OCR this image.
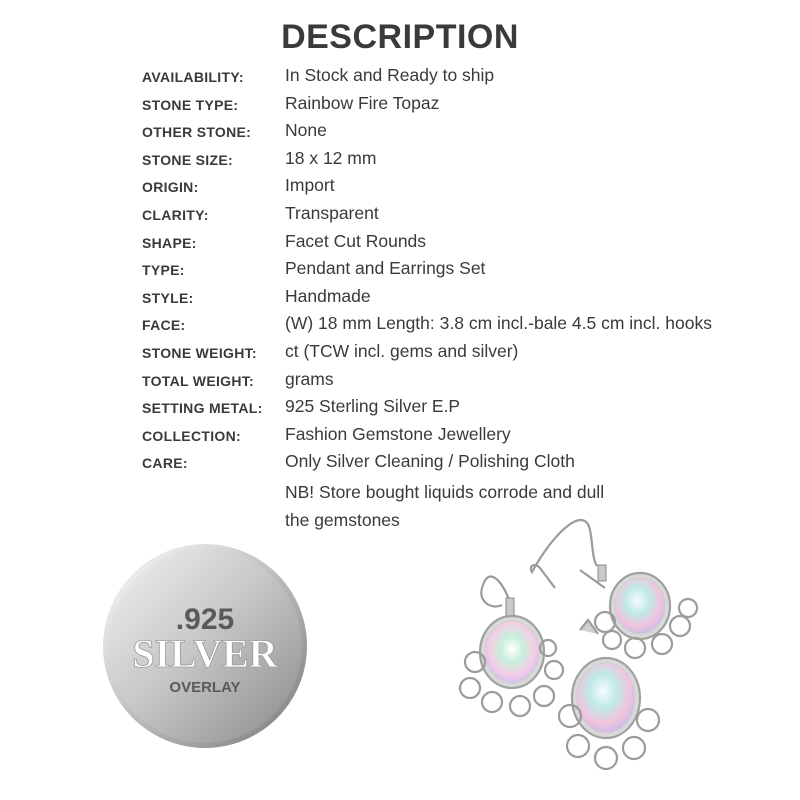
DESCRIPTION
AVAILABILITY: In Stock and Ready to ship
STONE TYPE:	Rainbow Fire Topaz
OTHER STONE: None
STONE SIZE:	18 x 12 mm
ORIGIN:	Import
CLARITY:	Transparent
SHAPE:	Facet Cut Rounds
TYPE:	Pendant and Earrings Set
STYLE:	Handmade
FACE:	(W) 18 mm Length: 3.8 cm incl.-bale 4.5 cm incl. hooks
STONE WEIGHT: ct (TCW incl. gems and silver)
TOTAL WEIGHT: grams
SETTING METAL: 925 Sterling Silver E.P
COLLECTION:	Fashion Gemstone Jewellery
CARE:	Only Silver Cleaning / Polishing Cloth
NB! Store bought liquids corrode and dull
the gemstones
.925
SILVER
OVERLAY
